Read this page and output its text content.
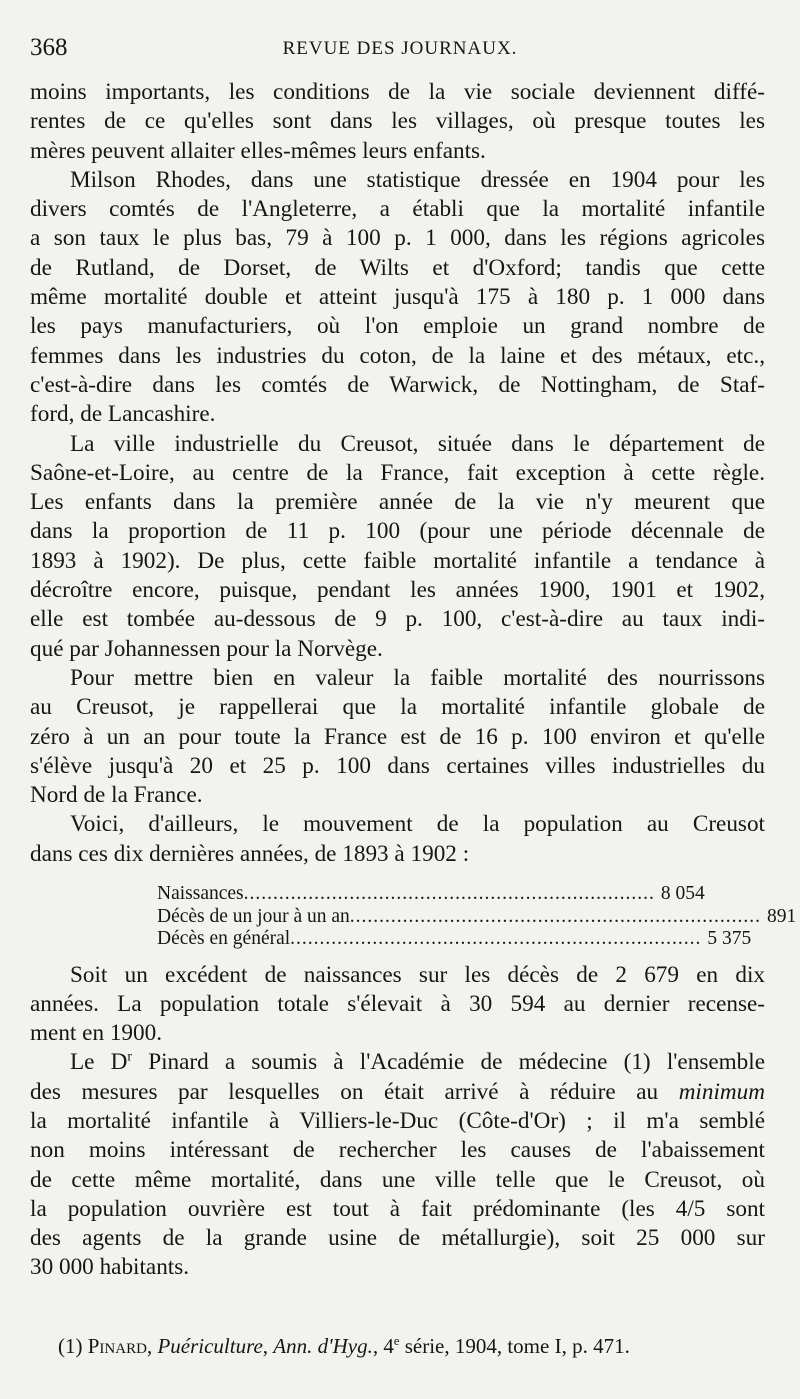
368	REVUE DES JOURNAUX.
moins importants, les conditions de la vie sociale deviennent diffé-
rentes de ce qu'elles sont dans les villages, où presque toutes les
mères peuvent allaiter elles-mêmes leurs enfants.
Milson Rhodes, dans une statistique dressée en 1904 pour les
divers comtés de l'Angleterre, a établi que la mortalité infantile
a son taux le plus bas, 79 à 100 p. 1 000, dans les régions agricoles
de Rutland, de Dorset, de Wilts et d'Oxford; tandis que cette
même mortalité double et atteint jusqu'à 175 à 180 p. 1 000 dans
les pays manufacturiers, où l'on emploie un grand nombre de
femmes dans les industries du coton, de la laine et des métaux, etc.,
c'est-à-dire dans les comtés de Warwick, de Nottingham, de Staf-
ford, de Lancashire.
La ville industrielle du Creusot, située dans le département de
Saône-et-Loire, au centre de la France, fait exception à cette règle.
Les enfants dans la première année de la vie n'y meurent que
dans la proportion de 11 p. 100 (pour une période décennale de
1893 à 1902). De plus, cette faible mortalité infantile a tendance à
décroître encore, puisque, pendant les années 1900, 1901 et 1902,
elle est tombée au-dessous de 9 p. 100, c'est-à-dire au taux indi-
qué par Johannessen pour la Norvège.
Pour mettre bien en valeur la faible mortalité des nourrissons
au Creusot, je rappellerai que la mortalité infantile globale de
zéro à un an pour toute la France est de 16 p. 100 environ et qu'elle
s'élève jusqu'à 20 et 25 p. 100 dans certaines villes industrielles du
Nord de la France.
Voici, d'ailleurs, le mouvement de la population au Creusot
dans ces dix dernières années, de 1893 à 1902 :
Naissances ...................................................................... 8 054
Décès de un jour à un an ...................................................................... 891
Décès en général ...................................................................... 5 375
Soit un excédent de naissances sur les décès de 2 679 en dix
années. La population totale s'élevait à 30 594 au dernier recense-
ment en 1900.
Le $D^r$ Pinard a soumis à l'Académie de médecine (1) l'ensemble
des mesures par lesquelles on était arrivé à réduire au minimum
la mortalité infantile à Villiers-le-Duc (Côte-d'Or) ; il m'a semblé
non moins intéressant de rechercher les causes de l'abaissement
de cette même mortalité, dans une ville telle que le Creusot, où
la population ouvrière est tout à fait prédominante (les 4/5 sont
des agents de la grande usine de métallurgie), soit 25 000 sur
30 000 habitants.
(1) Pinard, Puériculture, Ann. d'Hyg., 4e série, 1904, tome I, p. 471.
